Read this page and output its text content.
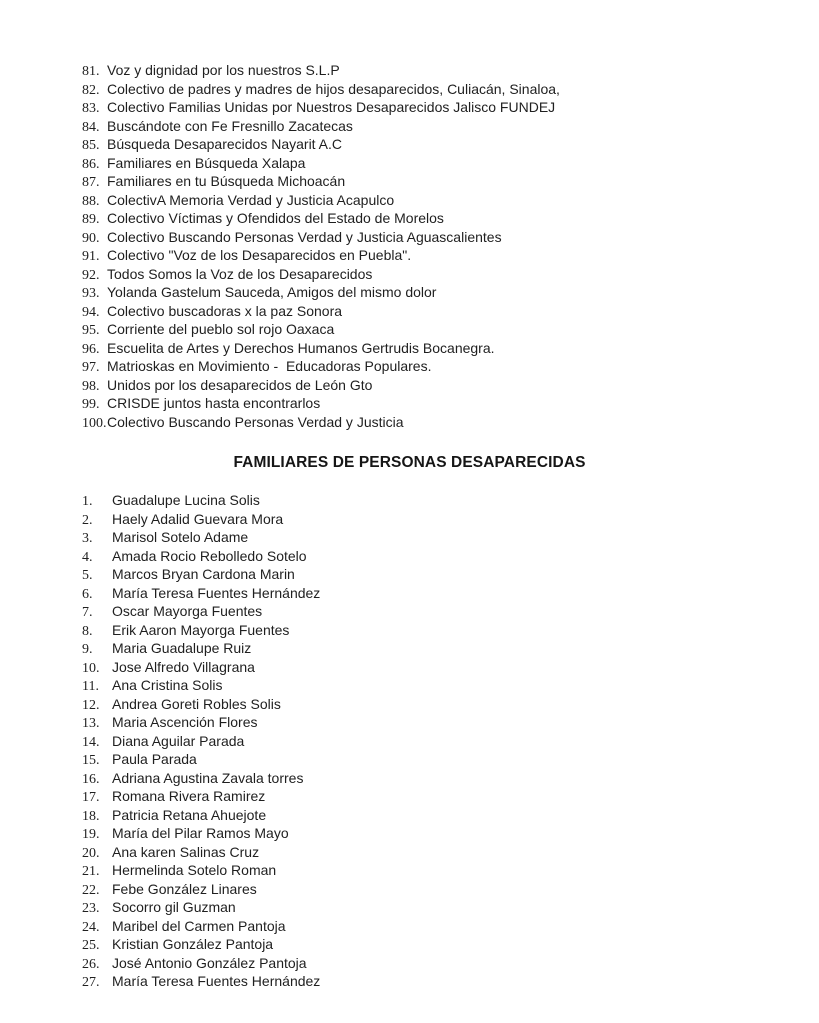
81. Voz y dignidad por los nuestros S.L.P
82. Colectivo de padres y madres de hijos desaparecidos, Culiacán, Sinaloa,
83. Colectivo Familias Unidas por Nuestros Desaparecidos Jalisco FUNDEJ
84. Buscándote con Fe Fresnillo Zacatecas
85. Búsqueda Desaparecidos Nayarit A.C
86. Familiares en Búsqueda Xalapa
87. Familiares en tu Búsqueda Michoacán
88. ColectivA Memoria Verdad y Justicia Acapulco
89. Colectivo Víctimas y Ofendidos del Estado de Morelos
90. Colectivo Buscando Personas Verdad y Justicia Aguascalientes
91. Colectivo "Voz de los Desaparecidos en Puebla".
92. Todos Somos la Voz de los Desaparecidos
93. Yolanda Gastelum Sauceda, Amigos del mismo dolor
94. Colectivo buscadoras x la paz Sonora
95. Corriente del pueblo sol rojo Oaxaca
96. Escuelita de Artes y Derechos Humanos Gertrudis Bocanegra.
97. Matrioskas en Movimiento -  Educadoras Populares.
98. Unidos por los desaparecidos de León Gto
99. CRISDE juntos hasta encontrarlos
100. Colectivo Buscando Personas Verdad y Justicia
FAMILIARES DE PERSONAS DESAPARECIDAS
1.	Guadalupe Lucina Solis
2.	Haely Adalid Guevara Mora
3.	Marisol Sotelo Adame
4.	Amada Rocio Rebolledo Sotelo
5.	Marcos Bryan Cardona Marin
6.	María Teresa Fuentes Hernández
7.	Oscar Mayorga Fuentes
8.	Erik Aaron Mayorga Fuentes
9.	Maria Guadalupe Ruiz
10. Jose Alfredo Villagrana
11. Ana Cristina Solis
12. Andrea Goreti Robles Solis
13. Maria Ascención Flores
14. Diana Aguilar Parada
15. Paula Parada
16. Adriana Agustina Zavala torres
17. Romana Rivera Ramirez
18. Patricia Retana Ahuejote
19. María del Pilar Ramos Mayo
20. Ana karen Salinas Cruz
21. Hermelinda Sotelo Roman
22. Febe González Linares
23. Socorro gil Guzman
24. Maribel del Carmen Pantoja
25. Kristian González Pantoja
26. José Antonio González Pantoja
27. María Teresa Fuentes Hernández
